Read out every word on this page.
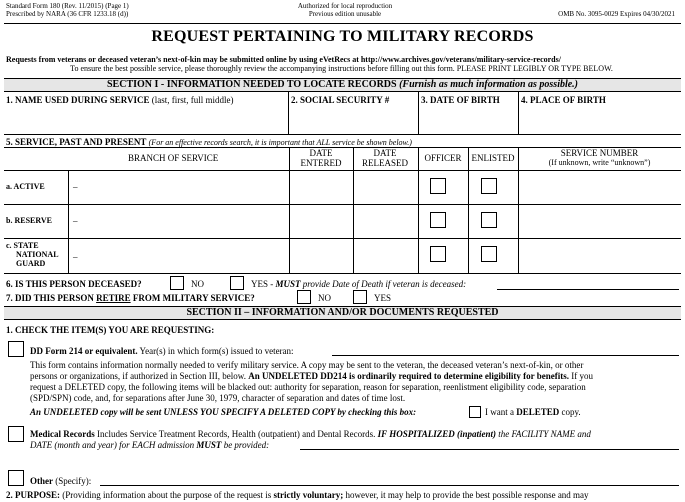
Standard Form 180 (Rev. 11/2015) (Page 1)
Prescribed by NARA (36 CFR 1233.18 (d))
Authorized for local reproduction
Previous edition unusable	OMB No. 3095-0029 Expires 04/30/2021
REQUEST PERTAINING TO MILITARY RECORDS
Requests from veterans or deceased veteran’s next-of-kin may be submitted online by using eVetRecs at http://www.archives.gov/veterans/military-service-records/
To ensure the best possible service, please thoroughly review the accompanying instructions before filling out this form. PLEASE PRINT LEGIBLY OR TYPE BELOW.
SECTION I - INFORMATION NEEDED TO LOCATE RECORDS (Furnish as much information as possible.)
1. NAME USED DURING SERVICE (last, first, full middle)	2. SOCIAL SECURITY #	3. DATE OF BIRTH 4. PLACE OF BIRTH
5. SERVICE, PAST AND PRESENT (For an effective records search, it is important that ALL service be shown below.)
BRANCH OF SERVICE	DATE
ENTERED
DATE
RELEASED	OFFICER	ENLISTED	SERVICE NUMBER
(If unknown, write “unknown”)
a. ACTIVE	–
b. RESERVE –
c. STATE
NATIONAL
GUARD
–
6. IS THIS PERSON DECEASED?	NO	YES - MUST provide Date of Death if veteran is deceased:
7. DID THIS PERSON RETIRE FROM MILITARY SERVICE?	NO	YES
SECTION II – INFORMATION AND/OR DOCUMENTS REQUESTED
1. CHECK THE ITEM(S) YOU ARE REQUESTING:
DD Form 214 or equivalent. Year(s) in which form(s) issued to veteran:
This form contains information normally needed to verify military service. A copy may be sent to the veteran, the deceased veteran’s next-of-kin, or other
persons or organizations, if authorized in Section III, below. An UNDELETED DD214 is ordinarily required to determine eligibility for benefits. If you
request a DELETED copy, the following items will be blacked out: authority for separation, reason for separation, reenlistment eligibility code, separation
(SPD/SPN) code, and, for separations after June 30, 1979, character of separation and dates of time lost.
An UNDELETED copy will be sent UNLESS YOU SPECIFY A DELETED COPY by checking this box:	I want a DELETED copy.
Medical Records Includes Service Treatment Records, Health (outpatient) and Dental Records. IF HOSPITALIZED (inpatient) the FACILITY NAME and
DATE (month and year) for EACH admission MUST be provided:
Other (Specify):
2. PURPOSE: (Providing information about the purpose of the request is strictly voluntary; however, it may help to provide the best possible response and may
